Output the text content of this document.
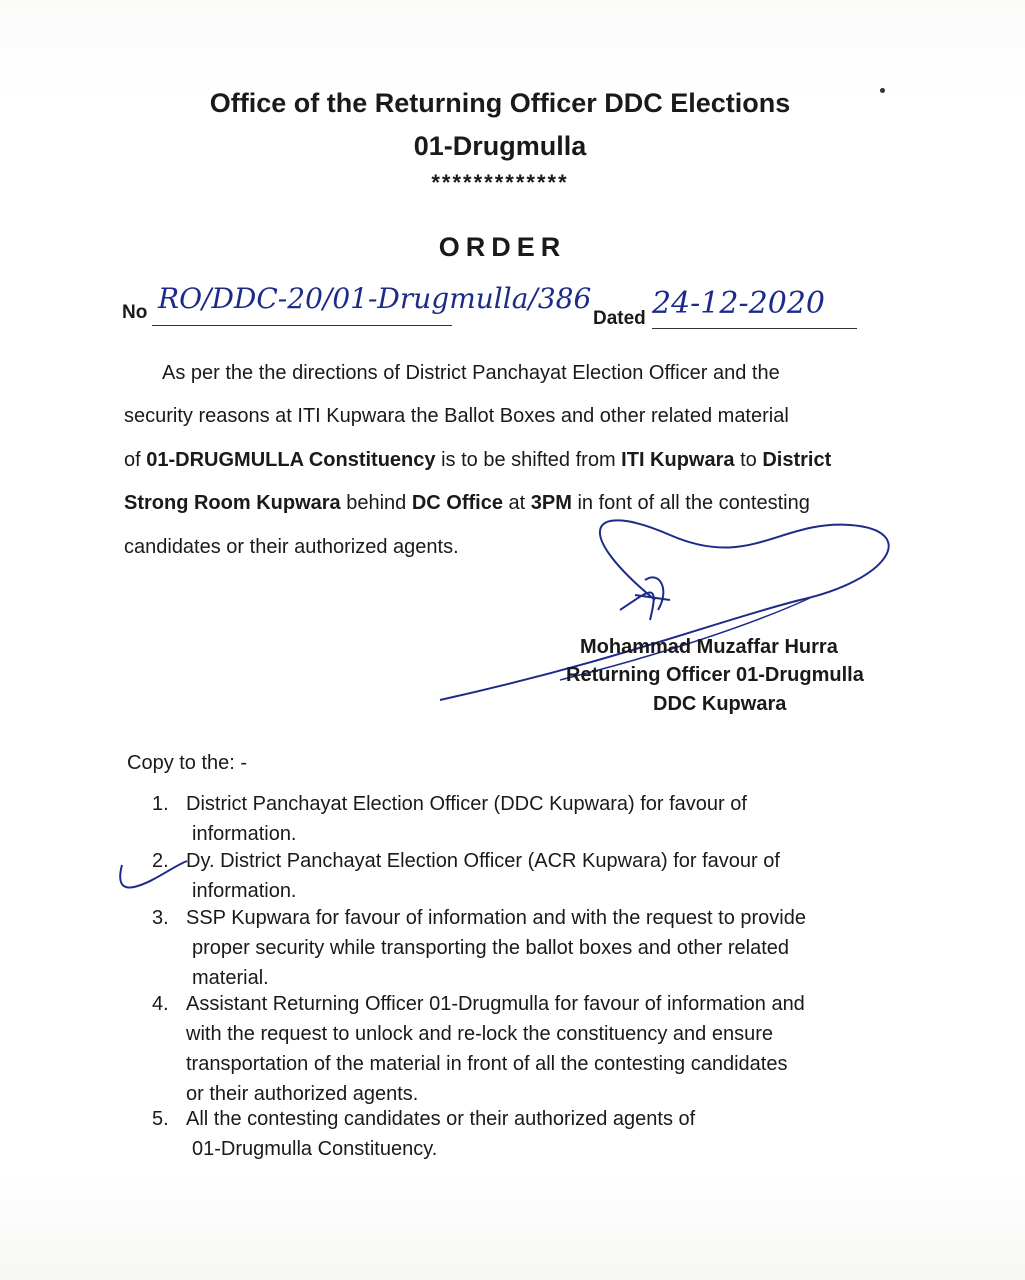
Office of the Returning Officer DDC Elections
01-Drugmulla
*************
ORDER
No RO/DDC-20/01-Drugmulla/386
Dated 24-12-2020
As per the the directions of District Panchayat Election Officer and the
security reasons at ITI Kupwara the Ballot Boxes and other related material
of 01-DRUGMULLA Constituency is to be shifted from ITI Kupwara to District
Strong Room Kupwara behind DC Office at 3PM in font of all the contesting
candidates or their authorized agents.
Mohammad Muzaffar Hurra
Returning Officer 01-Drugmulla
DDC Kupwara
Copy to the: -
1. District Panchayat Election Officer (DDC Kupwara) for favour of

information.
2. Dy. District Panchayat Election Officer (ACR Kupwara) for favour of

information.
3. SSP Kupwara for favour of information and with the request to provide

proper security while transporting the ballot boxes and other related
material.
4. Assistant Returning Officer 01-Drugmulla for favour of information and
with the request to unlock and re-lock the constituency and ensure
transportation of the material in front of all the contesting candidates
or their authorized agents.
5. All the contesting candidates or their authorized agents of

01-Drugmulla Constituency.
